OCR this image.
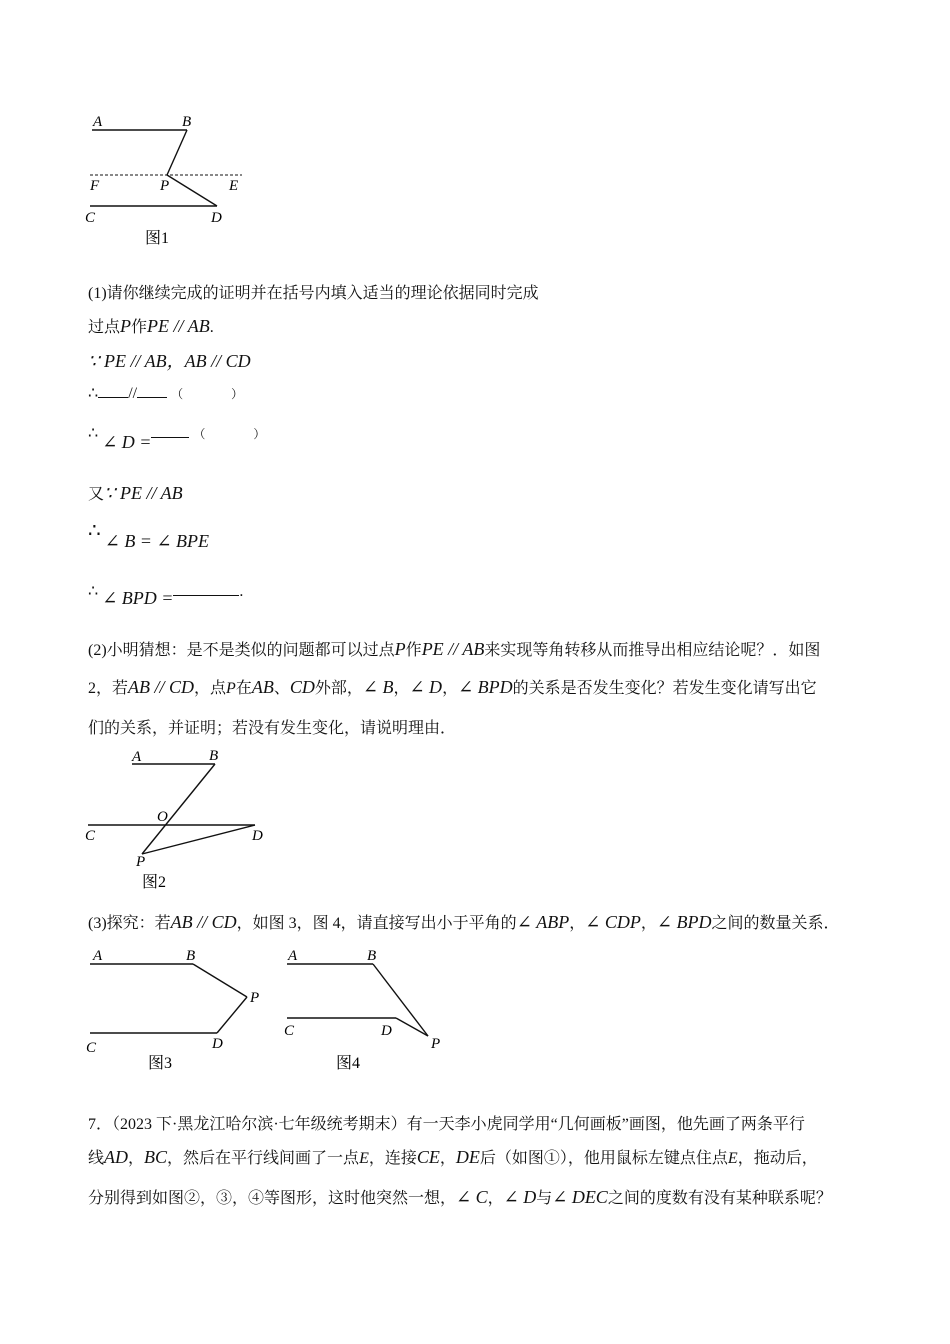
A	B
F	P	E
C	D
图1
(1)请你继续完成的证明并在括号内填入适当的理论依据同时完成
过点P作PE // AB.
∵ PE // AB，AB // CD
∴ //	（　　　　）
∴ ∠ D =	（　　　　）
又∵ PE // AB
∴ ∠ B = ∠ BPE
∴ ∠ BPD =	.
(2)小明猜想：是不是类似的问题都可以过点P作PE // AB来实现等角转移从而推导出相应结论呢？．如图
2，若AB // CD，点P在AB、CD外部，∠ B，∠ D，∠ BPD的关系是否发生变化？若发生变化请写出它
们的关系，并证明；若没有发生变化，请说明理由．
A	B
O
C	D
P
图2
(3)探究：若AB // CD，如图 3，图 4，请直接写出小于平角的∠ ABP，∠ CDP，∠ BPD之间的数量关系．
A	B
P
C	D
图3
A	B
C	D
P
图4
7．（2023 下·黑龙江哈尔滨·七年级统考期末）有一天李小虎同学用“几何画板”画图，他先画了两条平行
线AD，BC，然后在平行线间画了一点E，连接CE，DE后（如图①），他用鼠标左键点住点E，拖动后，
分别得到如图②，③，④等图形，这时他突然一想，∠ C，∠ D与∠ DEC之间的度数有没有某种联系呢？
